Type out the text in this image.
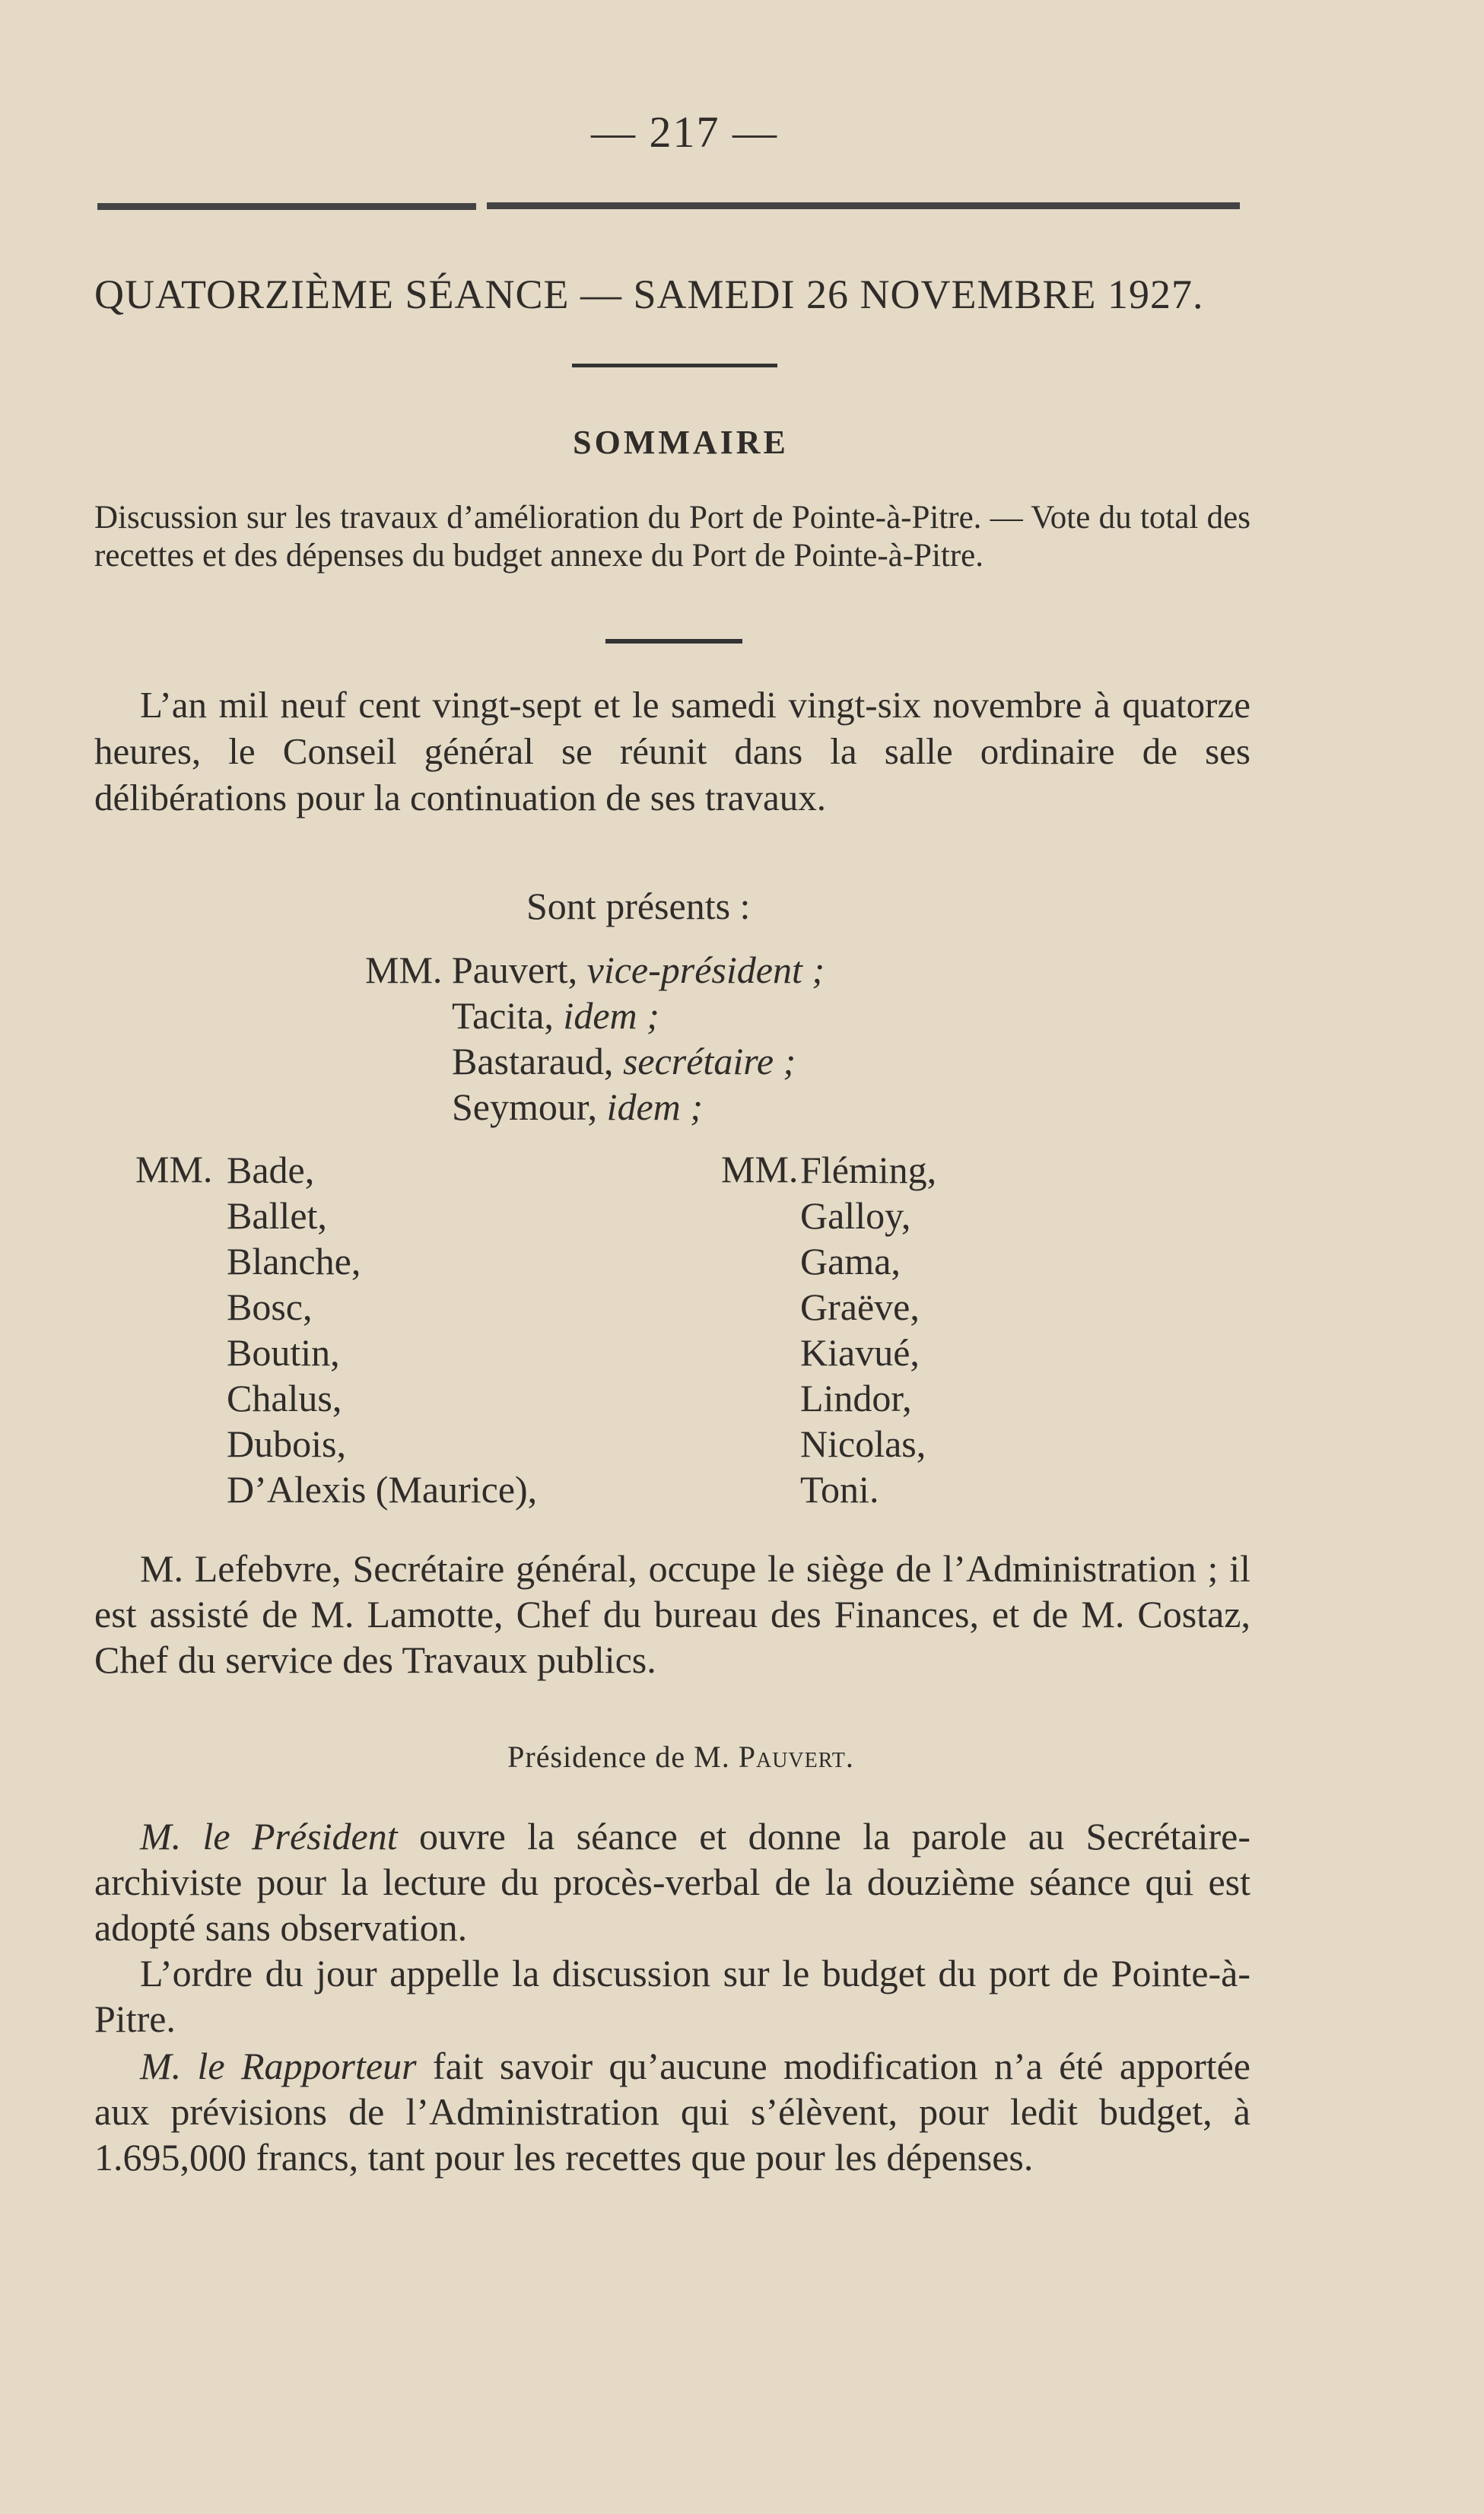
— 217 —
QUATORZIÈME SÉANCE — SAMEDI 26 NOVEMBRE 1927.
SOMMAIRE
Discussion sur les travaux d’amélioration du Port de Pointe-à-Pitre. — Vote du total des recettes et des dépenses du budget annexe du Port de Pointe-à-Pitre.
L’an mil neuf cent vingt-sept et le samedi vingt-six novembre à quatorze heures, le Conseil général se réunit dans la salle ordinaire de ses délibérations pour la continuation de ses travaux.
Sont présents :
MM. Pauvert, vice-président ;
Tacita, idem ;
Bastaraud, secrétaire ;
Seymour, idem ;
MM. Bade,
Ballet,
Blanche,
Bosc,
Boutin,
Chalus,
Dubois,
D’Alexis (Maurice),
MM. Fléming,
Galloy,
Gama,
Graëve,
Kiavué,
Lindor,
Nicolas,
Toni.
M. Lefebvre, Secrétaire général, occupe le siège de l’Administration ; il est assisté de M. Lamotte, Chef du bureau des Finances, et de M. Costaz, Chef du service des Travaux publics.
Présidence de M. Pauvert.
M. le Président ouvre la séance et donne la parole au Secrétaire-archiviste pour la lecture du procès-verbal de la douzième séance qui est adopté sans observation.
L’ordre du jour appelle la discussion sur le budget du port de Pointe-à-Pitre.
M. le Rapporteur fait savoir qu’aucune modification n’a été apportée aux prévisions de l’Administration qui s’élèvent, pour ledit budget, à 1.695,000 francs, tant pour les recettes que pour les dépenses.
